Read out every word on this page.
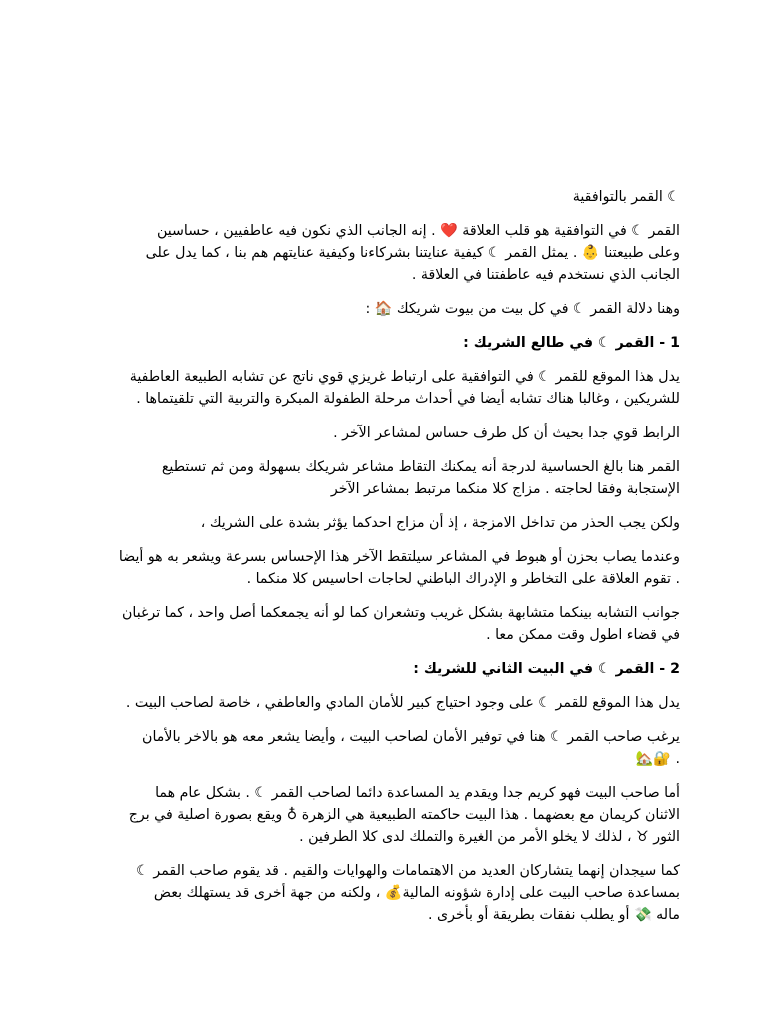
☾ القمر بالتوافقية

القمر ☾ في التوافقية هو قلب العلاقة ❤️ . إنه الجانب الذي نكون فيه عاطفيين ، حساسين
وعلى طبيعتنا 👶 . يمثل القمر ☾ كيفية عنايتنا بشركاءنا وكيفية عنايتهم هم بنا ، كما يدل على
الجانب الذي نستخدم فيه عاطفتنا في العلاقة .

وهنا دلالة القمر ☾ في كل بيت من بيوت شريكك 🏠 :

1 - القمر ☾ في طالع الشريك :

يدل هذا الموقع للقمر ☾ في التوافقية على ارتباط غريزي قوي ناتج عن تشابه الطبيعة العاطفية
للشريكين ، وغالبا هناك تشابه أيضا في أحداث مرحلة الطفولة المبكرة والتربية التي تلقيتماها .

الرابط قوي جدا بحيث أن كل طرف حساس لمشاعر الآخر .

القمر هنا بالغ الحساسية لدرجة أنه يمكنك التقاط مشاعر شريكك بسهولة ومن ثم تستطيع
الإستجابة وفقا لحاجته . مزاج كلا منكما مرتبط بمشاعر الآخر

ولكن يجب الحذر من تداخل الامزجة ، إذ أن مزاج احدكما يؤثر بشدة على الشريك ،

وعندما يصاب بحزن أو هبوط في المشاعر سيلتقط الآخر هذا الإحساس بسرعة ويشعر به هو أيضا
. تقوم العلاقة على التخاطر و الإدراك الباطني لحاجات احاسيس كلا منكما .

جوانب التشابه بينكما متشابهة بشكل غريب وتشعران كما لو أنه يجمعكما أصل واحد ، كما ترغبان
في قضاء اطول وقت ممكن معا .

2 - القمر ☾ في البيت الثاني للشريك :

يدل هذا الموقع للقمر ☾ على وجود احتياج كبير للأمان المادي والعاطفي ، خاصة لصاحب البيت .

يرغب صاحب القمر ☾ هنا في توفير الأمان لصاحب البيت ، وأيضا يشعر معه هو بالاخر بالأمان
🏡🔐 .

أما صاحب البيت فهو كريم جدا ويقدم يد المساعدة دائما لصاحب القمر ☾ . بشكل عام هما
الاثنان كريمان مع بعضهما . هذا البيت حاكمته الطبيعية هي الزهرة ♁ ويقع بصورة اصلية في برج
الثور ♉ ، لذلك لا يخلو الأمر من الغيرة والتملك لدى كلا الطرفين .

كما سيجدان إنهما يتشاركان العديد من الاهتمامات والهوايات والقيم . قد يقوم صاحب القمر ☾
بمساعدة صاحب البيت على إدارة شؤونه المالية💰 ، ولكنه من جهة أخرى قد يستهلك بعض
ماله 💸 أو يطلب نفقات بطريقة أو بأخرى .
